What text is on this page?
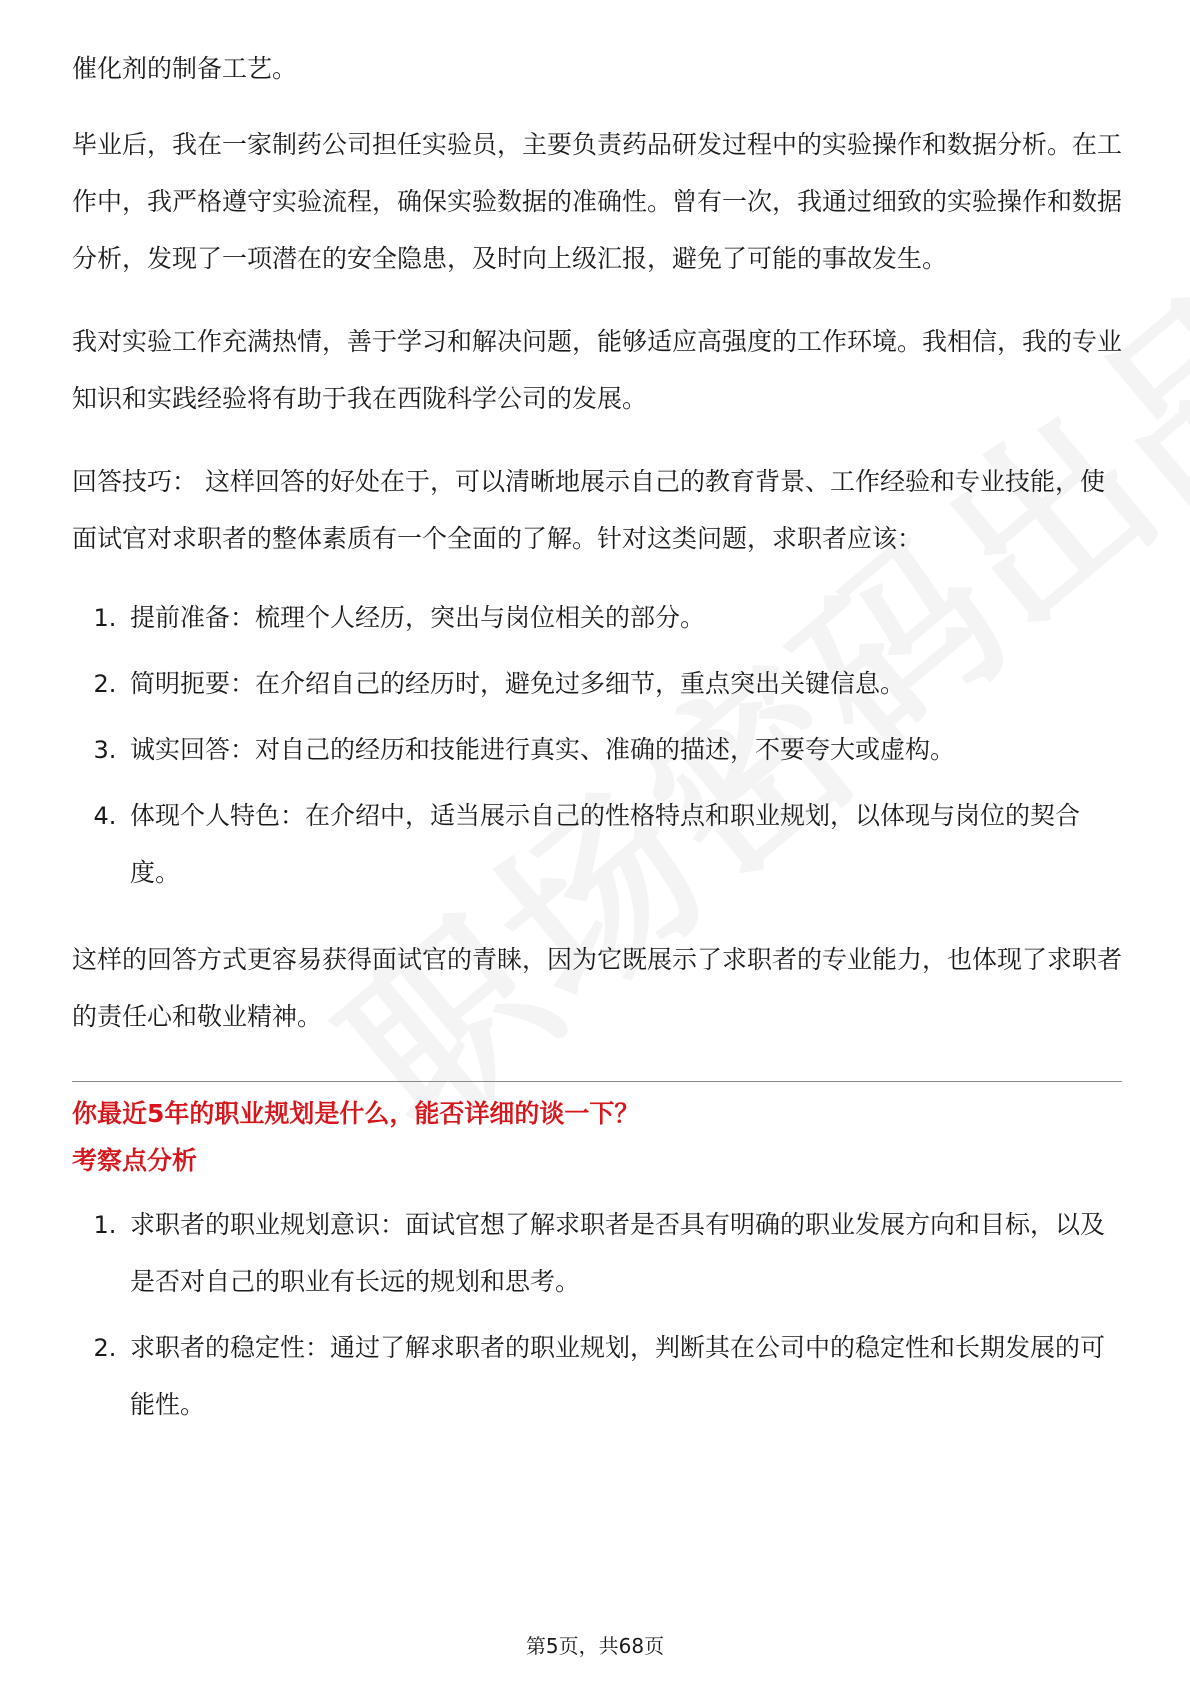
催化剂的制备工艺。

毕业后，我在一家制药公司担任实验员，主要负责药品研发过程中的实验操作和数据分析。在工作中，我严格遵守实验流程，确保实验数据的准确性。曾有一次，我通过细致的实验操作和数据分析，发现了一项潜在的安全隐患，及时向上级汇报，避免了可能的事故发生。

我对实验工作充满热情，善于学习和解决问题，能够适应高强度的工作环境。我相信，我的专业知识和实践经验将有助于我在西陇科学公司的发展。

回答技巧： 这样回答的好处在于，可以清晰地展示自己的教育背景、工作经验和专业技能，使面试官对求职者的整体素质有一个全面的了解。针对这类问题，求职者应该：

1. 提前准备：梳理个人经历，突出与岗位相关的部分。
2. 简明扼要：在介绍自己的经历时，避免过多细节，重点突出关键信息。
3. 诚实回答：对自己的经历和技能进行真实、准确的描述，不要夸大或虚构。
4. 体现个人特色：在介绍中，适当展示自己的性格特点和职业规划，以体现与岗位的契合度。

这样的回答方式更容易获得面试官的青睐，因为它既展示了求职者的专业能力，也体现了求职者的责任心和敬业精神。

你最近5年的职业规划是什么，能否详细的谈一下？
考察点分析
1. 求职者的职业规划意识：面试官想了解求职者是否具有明确的职业发展方向和目标，以及是否对自己的职业有长远的规划和思考。
2. 求职者的稳定性：通过了解求职者的职业规划，判断其在公司中的稳定性和长期发展的可能性。
第5页，共68页
